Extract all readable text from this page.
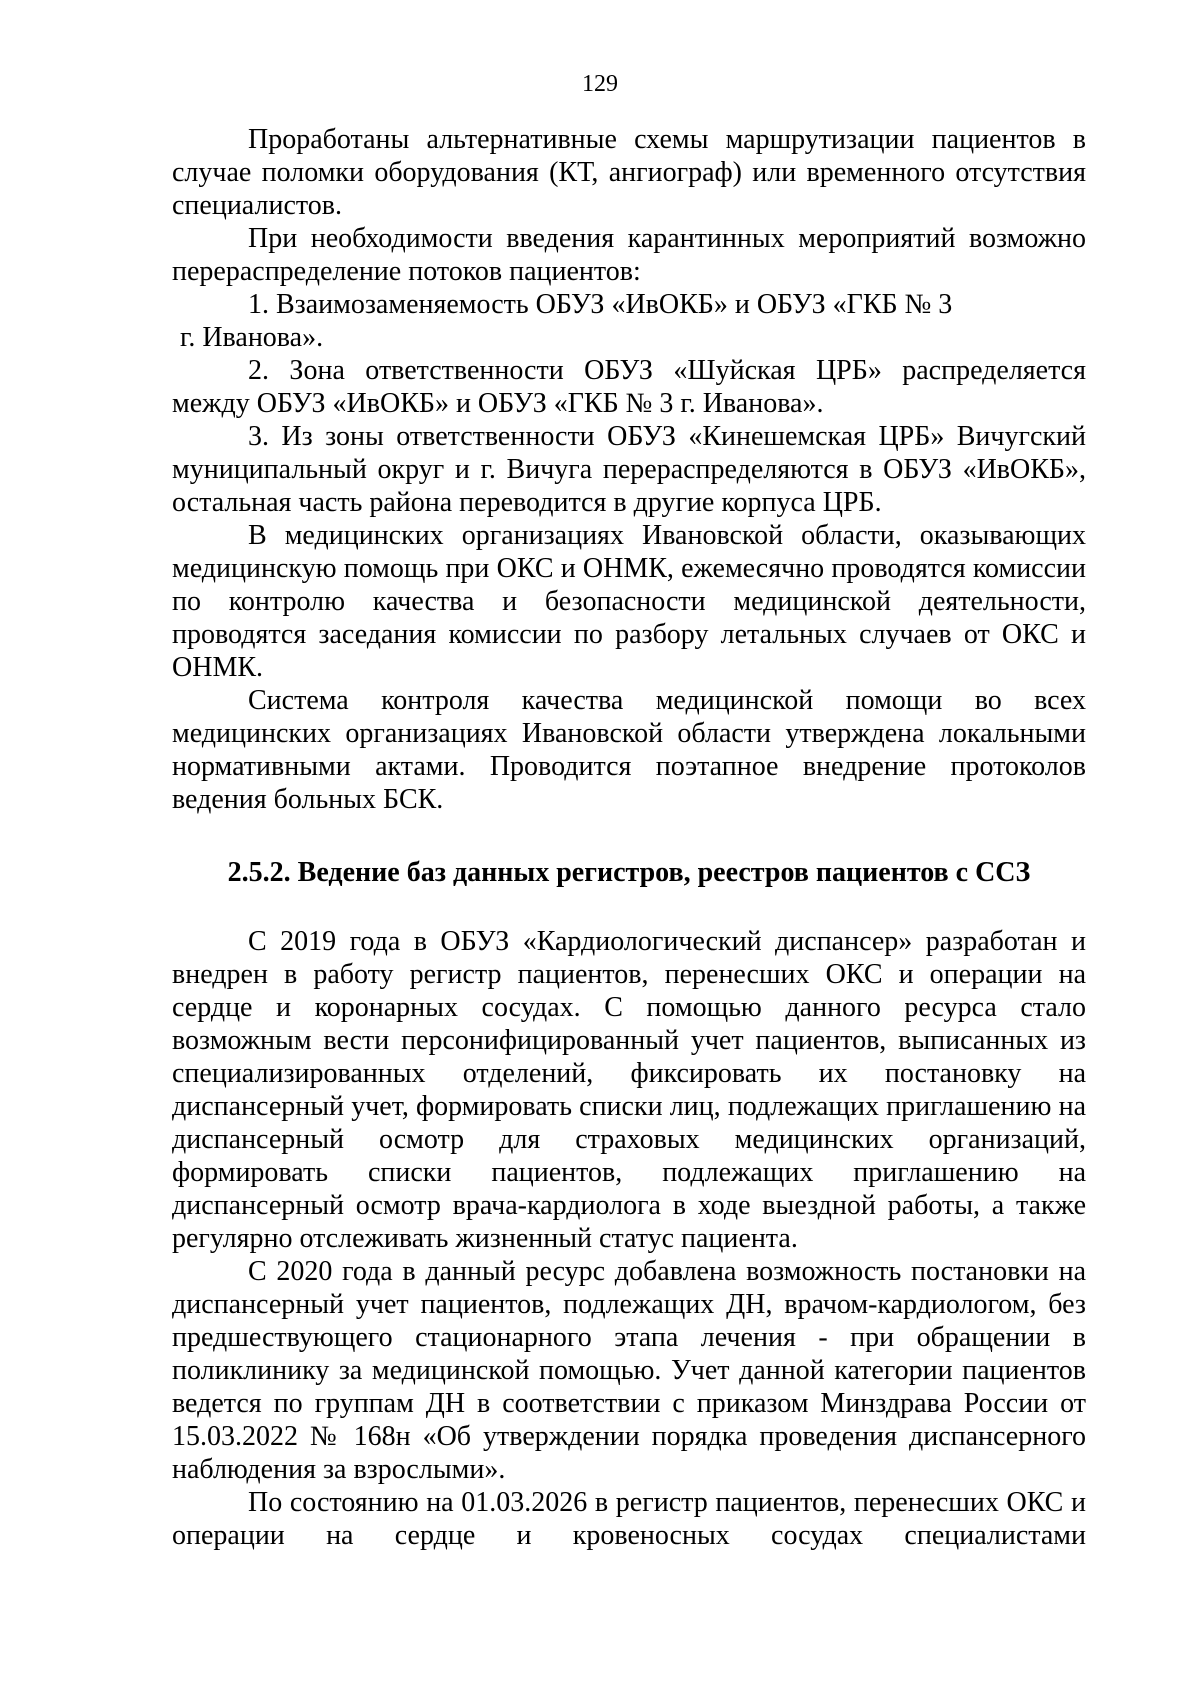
129

Проработаны альтернативные схемы маршрутизации пациентов в случае поломки оборудования (КТ, ангиограф) или временного отсутствия специалистов.

При необходимости введения карантинных мероприятий возможно перераспределение потоков пациентов:

1. Взаимозаменяемость ОБУЗ «ИвОКБ» и ОБУЗ «ГКБ № 3
г. Иванова».

2. Зона ответственности ОБУЗ «Шуйская ЦРБ» распределяется между ОБУЗ «ИвОКБ» и ОБУЗ «ГКБ № 3 г. Иванова».

3. Из зоны ответственности ОБУЗ «Кинешемская ЦРБ» Вичугский муниципальный округ и г. Вичуга перераспределяются в ОБУЗ «ИвОКБ», остальная часть района переводится в другие корпуса ЦРБ.

В медицинских организациях Ивановской области, оказывающих медицинскую помощь при ОКС и ОНМК, ежемесячно проводятся комиссии по контролю качества и безопасности медицинской деятельности, проводятся заседания комиссии по разбору летальных случаев от ОКС и ОНМК.

Система контроля качества медицинской помощи во всех медицинских организациях Ивановской области утверждена локальными нормативными актами. Проводится поэтапное внедрение протоколов ведения больных БСК.

2.5.2. Ведение баз данных регистров, реестров пациентов с ССЗ

С 2019 года в ОБУЗ «Кардиологический диспансер» разработан и внедрен в работу регистр пациентов, перенесших ОКС и операции на сердце и коронарных сосудах. С помощью данного ресурса стало возможным вести персонифицированный учет пациентов, выписанных из специализированных отделений, фиксировать их постановку на диспансерный учет, формировать списки лиц, подлежащих приглашению на диспансерный осмотр для страховых медицинских организаций, формировать списки пациентов, подлежащих приглашению на диспансерный осмотр врача-кардиолога в ходе выездной работы, а также регулярно отслеживать жизненный статус пациента.

С 2020 года в данный ресурс добавлена возможность постановки на диспансерный учет пациентов, подлежащих ДН, врачом-кардиологом, без предшествующего стационарного этапа лечения - при обращении в поликлинику за медицинской помощью. Учет данной категории пациентов ведется по группам ДН в соответствии с приказом Минздрава России от 15.03.2022 № 168н «Об утверждении порядка проведения диспансерного наблюдения за взрослыми».

По состоянию на 01.03.2026 в регистр пациентов, перенесших ОКС и операции на сердце и кровеносных сосудах специалистами
